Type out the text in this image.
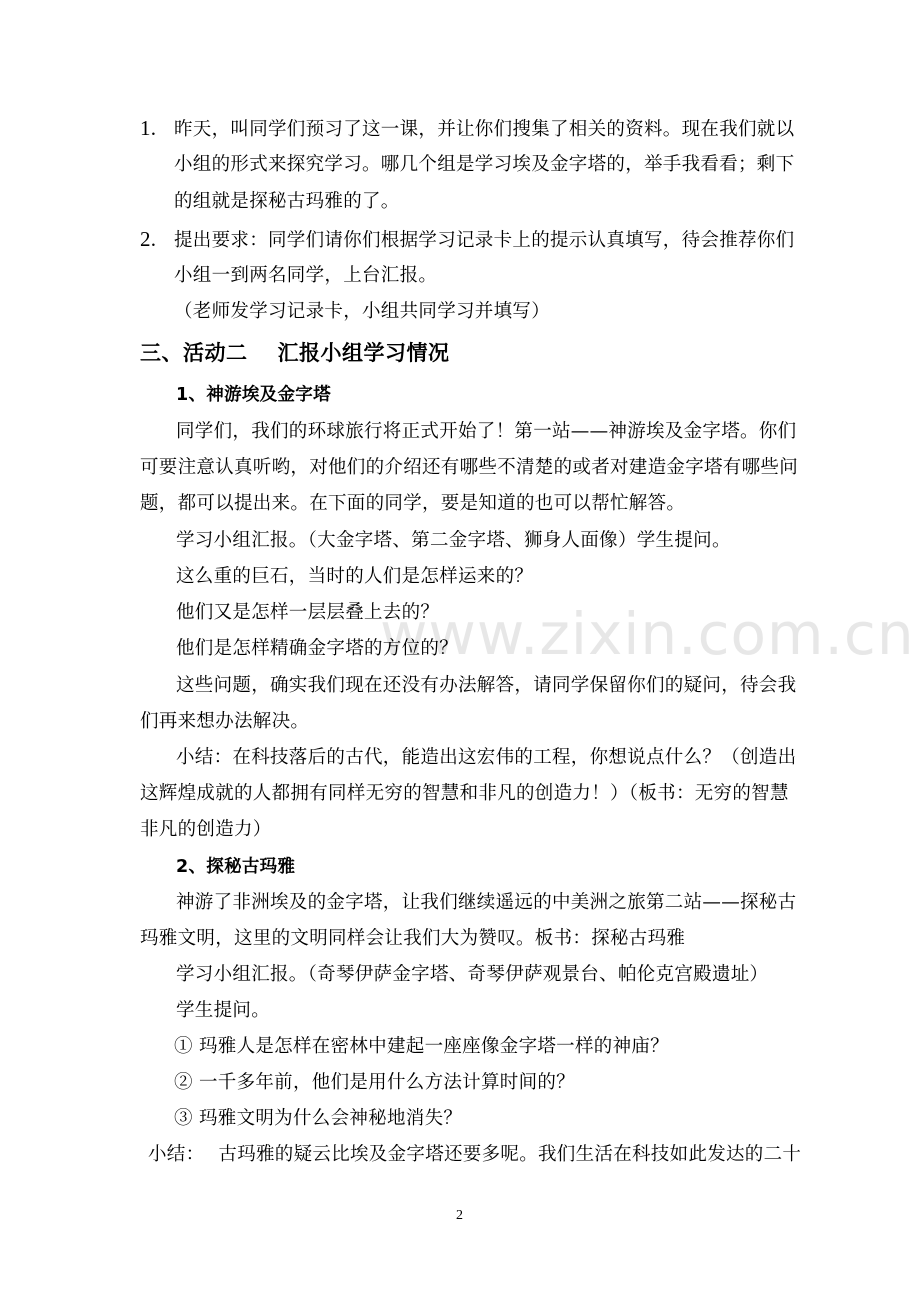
www.zixin.com.cn
1. 昨天，叫同学们预习了这一课，并让你们搜集了相关的资料。现在我们就以
小组的形式来探究学习。哪几个组是学习埃及金字塔的，举手我看看；剩下
的组就是探秘古玛雅的了。
2. 提出要求：同学们请你们根据学习记录卡上的提示认真填写，待会推荐你们
小组一到两名同学，上台汇报。
（老师发学习记录卡，小组共同学习并填写）
三、活动二 汇报小组学习情况
1、神游埃及金字塔
同学们，我们的环球旅行将正式开始了！第一站——神游埃及金字塔。你们
可要注意认真听哟，对他们的介绍还有哪些不清楚的或者对建造金字塔有哪些问
题，都可以提出来。在下面的同学，要是知道的也可以帮忙解答。
学习小组汇报。（大金字塔、第二金字塔、狮身人面像）学生提问。
这么重的巨石，当时的人们是怎样运来的？
他们又是怎样一层层叠上去的？
他们是怎样精确金字塔的方位的？
这些问题，确实我们现在还没有办法解答，请同学保留你们的疑问，待会我
们再来想办法解决。
小结：在科技落后的古代，能造出这宏伟的工程，你想说点什么？（创造出
这辉煌成就的人都拥有同样无穷的智慧和非凡的创造力！）（板书：无穷的智慧
非凡的创造力）
2、探秘古玛雅
神游了非洲埃及的金字塔，让我们继续遥远的中美洲之旅第二站——探秘古
玛雅文明，这里的文明同样会让我们大为赞叹。板书：探秘古玛雅
学习小组汇报。（奇琴伊萨金字塔、奇琴伊萨观景台、帕伦克宫殿遗址）
学生提问。
① 玛雅人是怎样在密林中建起一座座像金字塔一样的神庙？
② 一千多年前，他们是用什么方法计算时间的？
③ 玛雅文明为什么会神秘地消失？
小结： 古玛雅的疑云比埃及金字塔还要多呢。我们生活在科技如此发达的二十
2
